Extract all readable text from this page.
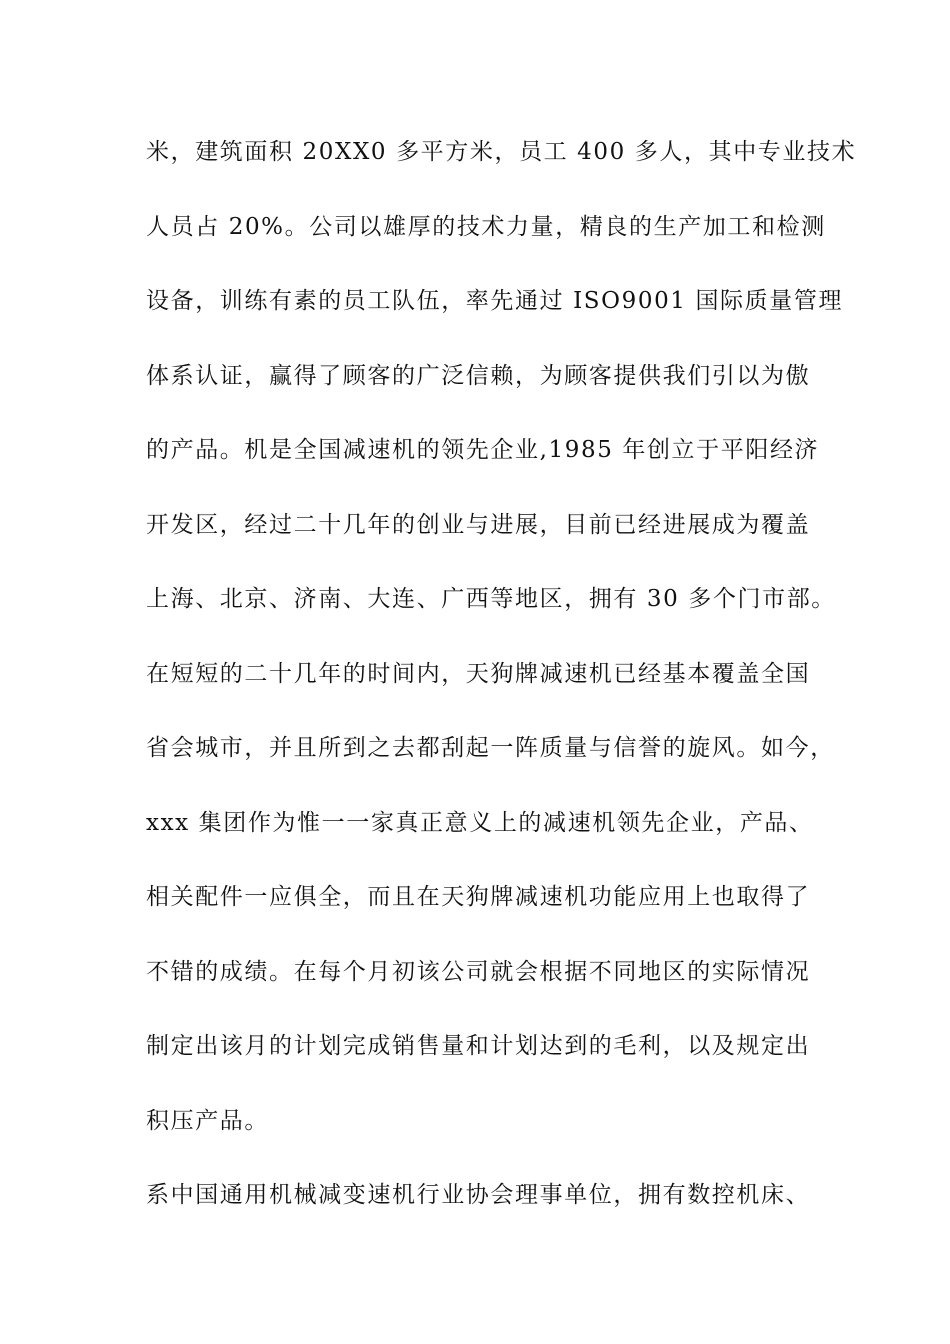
米，建筑面积 20XX0 多平方米，员工 400 多人，其中专业技术
人员占 20%。公司以雄厚的技术力量，精良的生产加工和检测
设备，训练有素的员工队伍，率先通过 ISO9001 国际质量管理
体系认证，赢得了顾客的广泛信赖，为顾客提供我们引以为傲
的产品。机是全国减速机的领先企业,1985 年创立于平阳经济
开发区，经过二十几年的创业与进展，目前已经进展成为覆盖
上海、北京、济南、大连、广西等地区，拥有 30 多个门市部。
在短短的二十几年的时间内，天狗牌减速机已经基本覆盖全国
省会城市，并且所到之去都刮起一阵质量与信誉的旋风。如今，
xxx 集团作为惟一一家真正意义上的减速机领先企业，产品、
相关配件一应俱全，而且在天狗牌减速机功能应用上也取得了
不错的成绩。在每个月初该公司就会根据不同地区的实际情况
制定出该月的计划完成销售量和计划达到的毛利，以及规定出
积压产品。
系中国通用机械减变速机行业协会理事单位，拥有数控机床、
